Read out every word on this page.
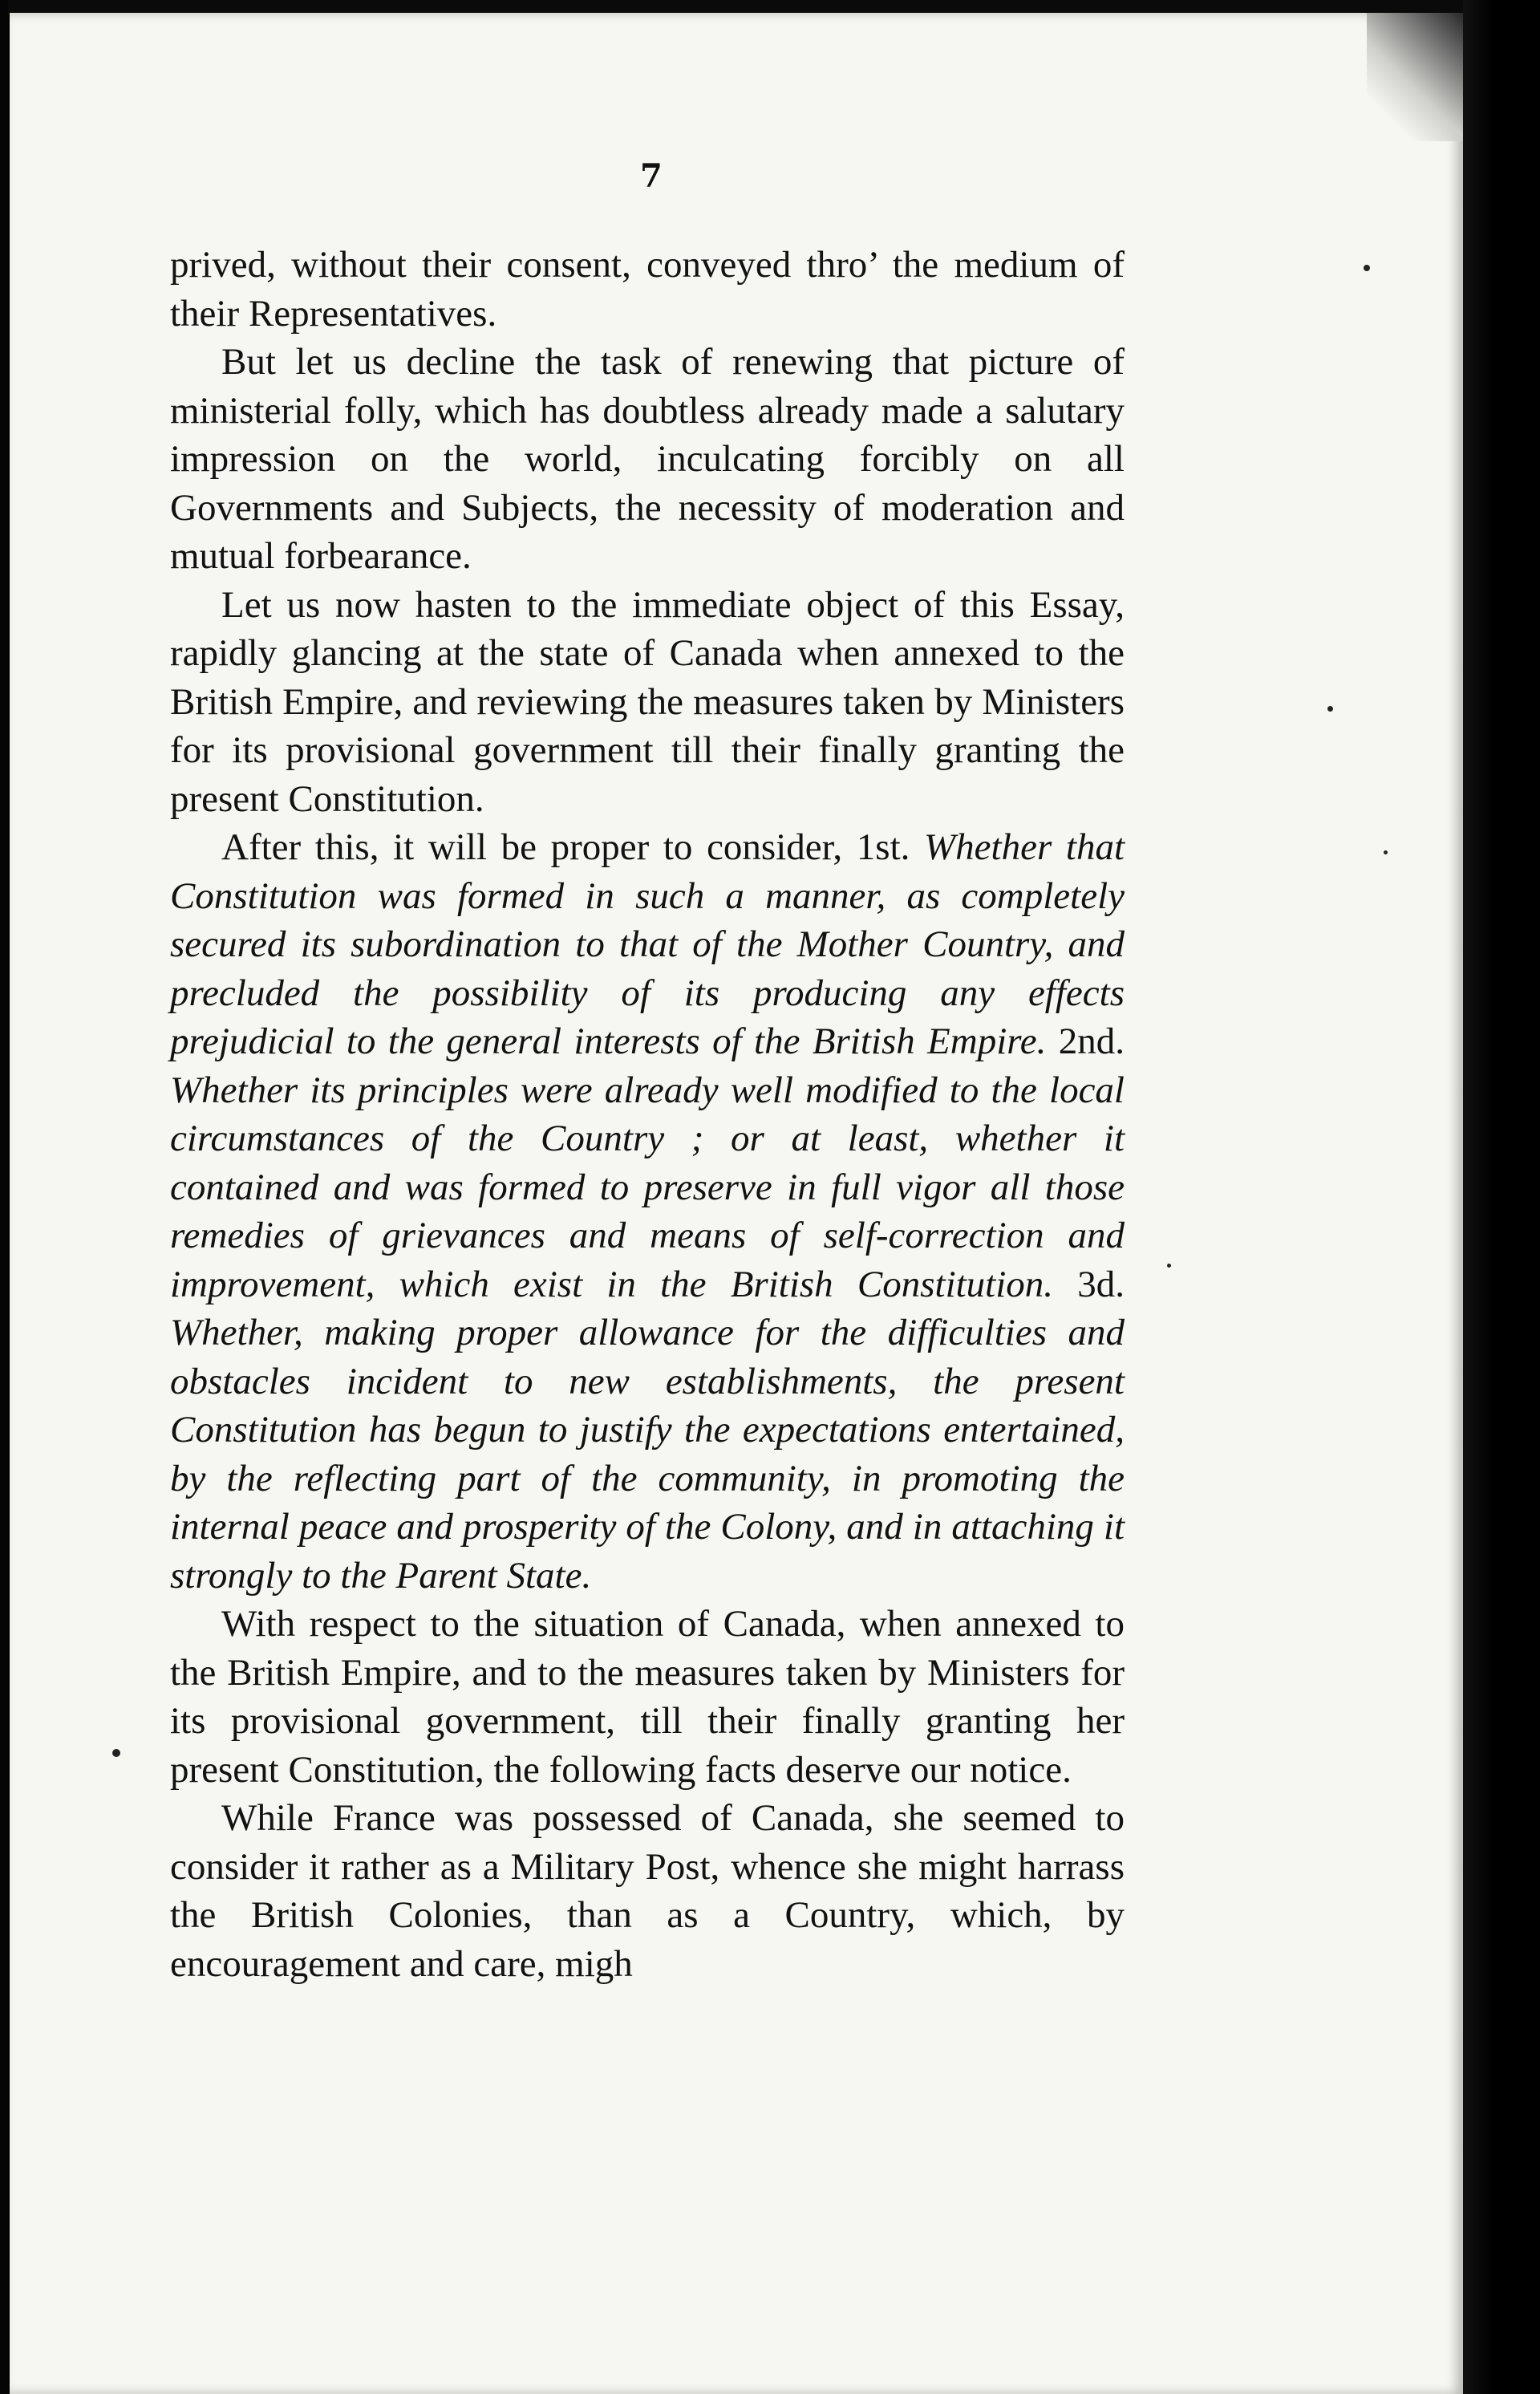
7

prived, without their consent, conveyed thro’ the medium of their Representatives.

But let us decline the task of renewing that picture of ministerial folly, which has doubtless already made a salutary impression on the world, inculcating forcibly on all Governments and Subjects, the necessity of moderation and mutual forbearance.

Let us now hasten to the immediate object of this Essay, rapidly glancing at the state of Canada when annexed to the British Empire, and reviewing the measures taken by Ministers for its provisional government till their finally granting the present Constitution.

After this, it will be proper to consider, 1st. Whether that Constitution was formed in such a manner, as completely secured its subordination to that of the Mother Country, and precluded the possibility of its producing any effects prejudicial to the general interests of the British Empire. 2nd. Whether its principles were already well modified to the local circumstances of the Country ; or at least, whether it contained and was formed to preserve in full vigor all those remedies of grievances and means of self-correction and improvement, which exist in the British Constitution. 3d. Whether, making proper allowance for the difficulties and obstacles incident to new establishments, the present Constitution has begun to justify the expectations entertained, by the reflecting part of the community, in promoting the internal peace and prosperity of the Colony, and in attaching it strongly to the Parent State.

With respect to the situation of Canada, when annexed to the British Empire, and to the measures taken by Ministers for its provisional government, till their finally granting her present Constitution, the following facts deserve our notice.

While France was possessed of Canada, she seemed to consider it rather as a Military Post, whence she might harrass the British Colonies, than as a Country, which, by encouragement and care, migh
